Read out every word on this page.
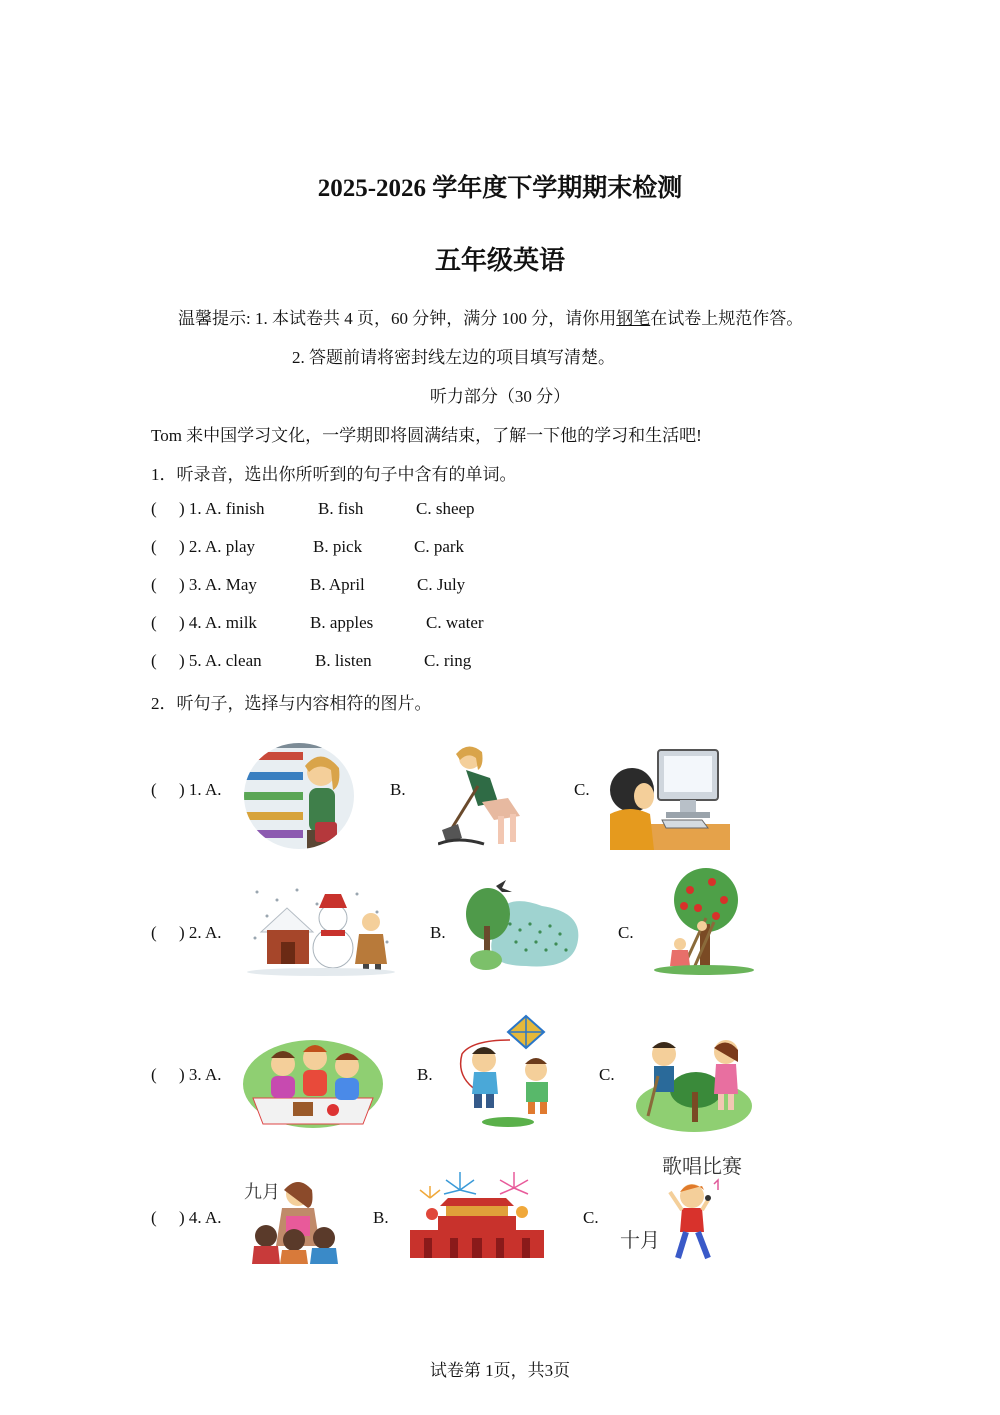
2025-2026 学年度下学期期末检测
五年级英语
温馨提示: 1. 本试卷共 4 页，60 分钟，满分 100 分，请你用钢笔在试卷上规范作答。
2. 答题前请将密封线左边的项目填写清楚。
听力部分（30 分）
Tom 来中国学习文化，一学期即将圆满结束，了解一下他的学习和生活吧!
1．听录音，选出你所听到的句子中含有的单词。
( ) 1. A. finish	B. fish	C. sheep
( ) 2. A. play	B. pick	C. park
( ) 3. A. May	B. April	C. July
( ) 4. A. milk	B. apples	C. water
( ) 5. A. clean	B. listen	C. ring
2．听句子，选择与内容相符的图片。
( ) 1. A.	B.	C.
( ) 2. A.	B.	C.
( ) 3. A.	B.	C.
( ) 4. A.	B.	C.
九月
歌唱比赛
十月
试卷第 1页，共3页
